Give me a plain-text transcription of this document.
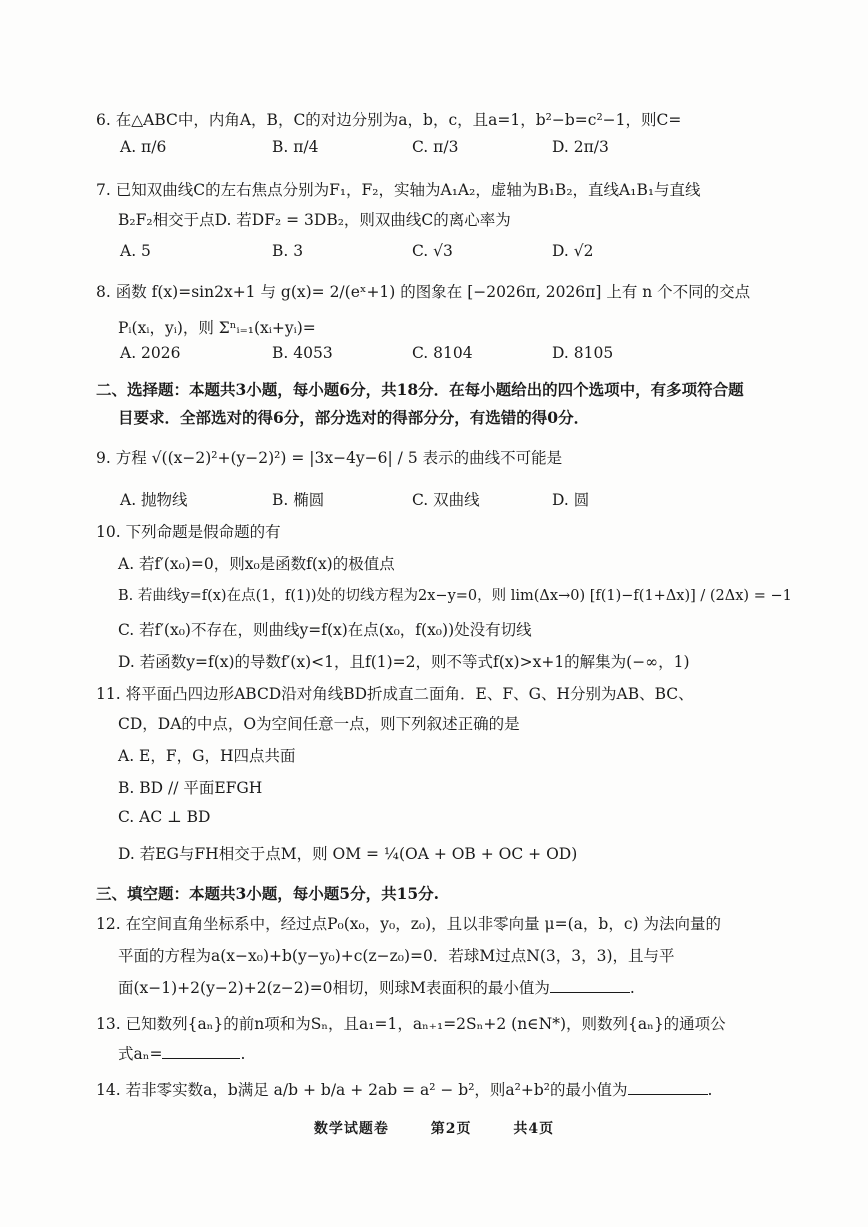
6. 在△ABC中，内角A，B，C的对边分别为a，b，c，且a=1，b²−b=c²−1，则C=
A. π/6	B. π/4	C. π/3	D. 2π/3
7. 已知双曲线C的左右焦点分别为F₁，F₂，实轴为A₁A₂，虚轴为B₁B₂，直线A₁B₁与直线
B₂F₂相交于点D. 若DF₂ = 3DB₂，则双曲线C的离心率为
A. 5	B. 3	C. √3	D. √2
8. 函数 f(x)=sin2x+1 与 g(x)= 2/(eˣ+1) 的图象在 [−2026π, 2026π] 上有 n 个不同的交点
Pᵢ(xᵢ，yᵢ)，则 Σⁿᵢ₌₁(xᵢ+yᵢ)=
A. 2026	B. 4053	C. 8104	D. 8105
二、选择题：本题共3小题，每小题6分，共18分．在每小题给出的四个选项中，有多项符合题
目要求．全部选对的得6分，部分选对的得部分分，有选错的得0分．
9. 方程 √((x−2)²+(y−2)²) = |3x−4y−6| / 5 表示的曲线不可能是
A. 抛物线	B. 椭圆	C. 双曲线	D. 圆
10. 下列命题是假命题的有
A. 若f′(x₀)=0，则x₀是函数f(x)的极值点
B. 若曲线y=f(x)在点(1，f(1))处的切线方程为2x−y=0，则 lim(Δx→0) [f(1)−f(1+Δx)] / (2Δx) = −1
C. 若f′(x₀)不存在，则曲线y=f(x)在点(x₀，f(x₀))处没有切线
D. 若函数y=f(x)的导数f′(x)<1，且f(1)=2，则不等式f(x)>x+1的解集为(−∞，1)
11. 将平面凸四边形ABCD沿对角线BD折成直二面角．E、F、G、H分别为AB、BC、
CD，DA的中点，O为空间任意一点，则下列叙述正确的是
A. E，F，G，H四点共面
B. BD // 平面EFGH
C. AC ⊥ BD
D. 若EG与FH相交于点M，则 OM = ¼(OA + OB + OC + OD)
三、填空题：本题共3小题，每小题5分，共15分.
12. 在空间直角坐标系中，经过点P₀(x₀，y₀，z₀)，且以非零向量 μ=(a，b，c) 为法向量的
平面的方程为a(x−x₀)+b(y−y₀)+c(z−z₀)=0．若球M过点N(3，3，3)，且与平
面(x−1)+2(y−2)+2(z−2)=0相切，则球M表面积的最小值为	.
13. 已知数列{aₙ}的前n项和为Sₙ，且a₁=1，aₙ₊₁=2Sₙ+2 (n∈N*)，则数列{aₙ}的通项公
式aₙ=	.
14. 若非零实数a，b满足 a/b + b/a + 2ab = a² − b²，则a²+b²的最小值为	.
数学试题卷	第2页	共4页
